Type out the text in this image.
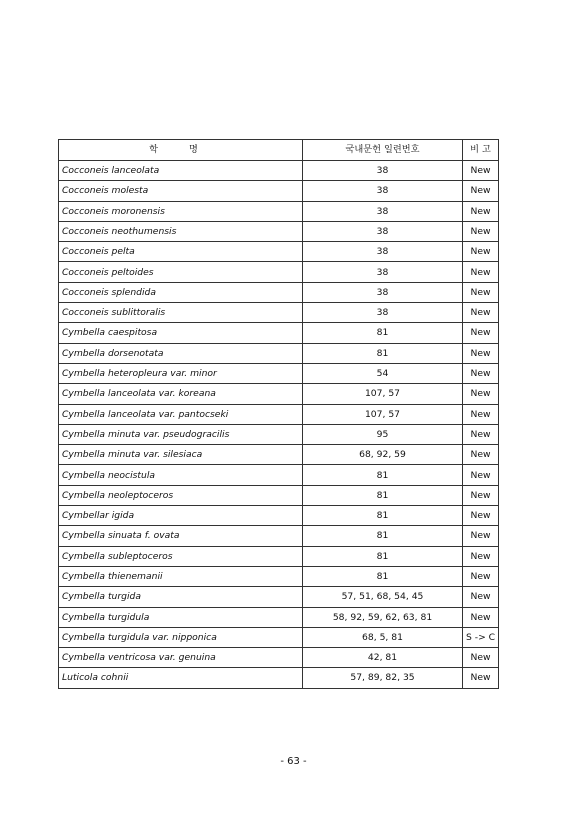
학 명	국내문헌 일련번호	비 고
Cocconeis lanceolata	38	New
Cocconeis molesta	38	New
Cocconeis moronensis	38	New
Cocconeis neothumensis	38	New
Cocconeis pelta	38	New
Cocconeis peltoides	38	New
Cocconeis splendida	38	New
Cocconeis sublittoralis	38	New
Cymbella caespitosa	81	New
Cymbella dorsenotata	81	New
Cymbella heteropleura var. minor	54	New
Cymbella lanceolata var. koreana	107, 57	New
Cymbella lanceolata var. pantocseki	107, 57	New
Cymbella minuta var. pseudogracilis	95	New
Cymbella minuta var. silesiaca	68, 92, 59	New
Cymbella neocistula	81	New
Cymbella neoleptoceros	81	New
Cymbellar igida	81	New
Cymbella sinuata f. ovata	81	New
Cymbella subleptoceros	81	New
Cymbella thienemanii	81	New
Cymbella turgida	57, 51, 68, 54, 45	New
Cymbella turgidula	58, 92, 59, 62, 63, 81	New
Cymbella turgidula var. nipponica	68, 5, 81	S -> C
Cymbella ventricosa var. genuina	42, 81	New
Luticola cohnii	57, 89, 82, 35	New
- 63 -
